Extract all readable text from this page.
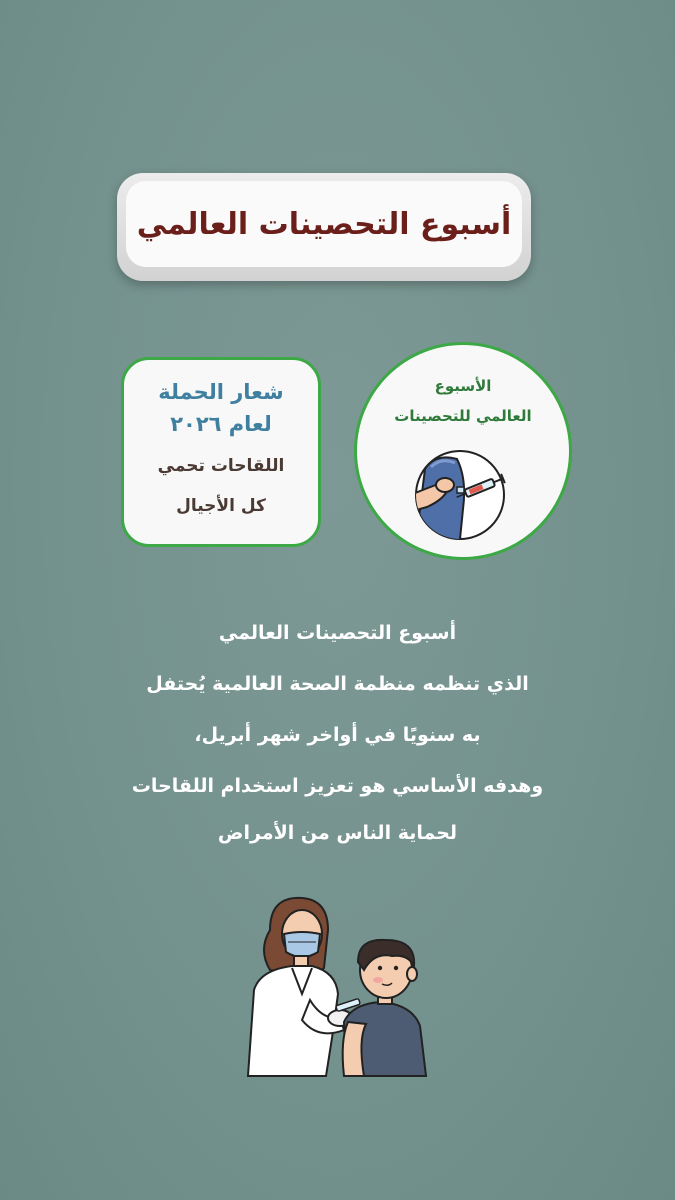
أسبوع التحصينات العالمي
شعار الحملة
لعام ٢٠٢٦
اللقاحات تحمي
كل الأجيال
الأسبوع
العالمي للتحصينات
أسبوع التحصينات العالمي
الذي تنظمه منظمة الصحة العالمية يُحتفل
به سنويًا في أواخر شهر أبريل،
وهدفه الأساسي هو تعزيز استخدام اللقاحات
لحماية الناس من الأمراض
